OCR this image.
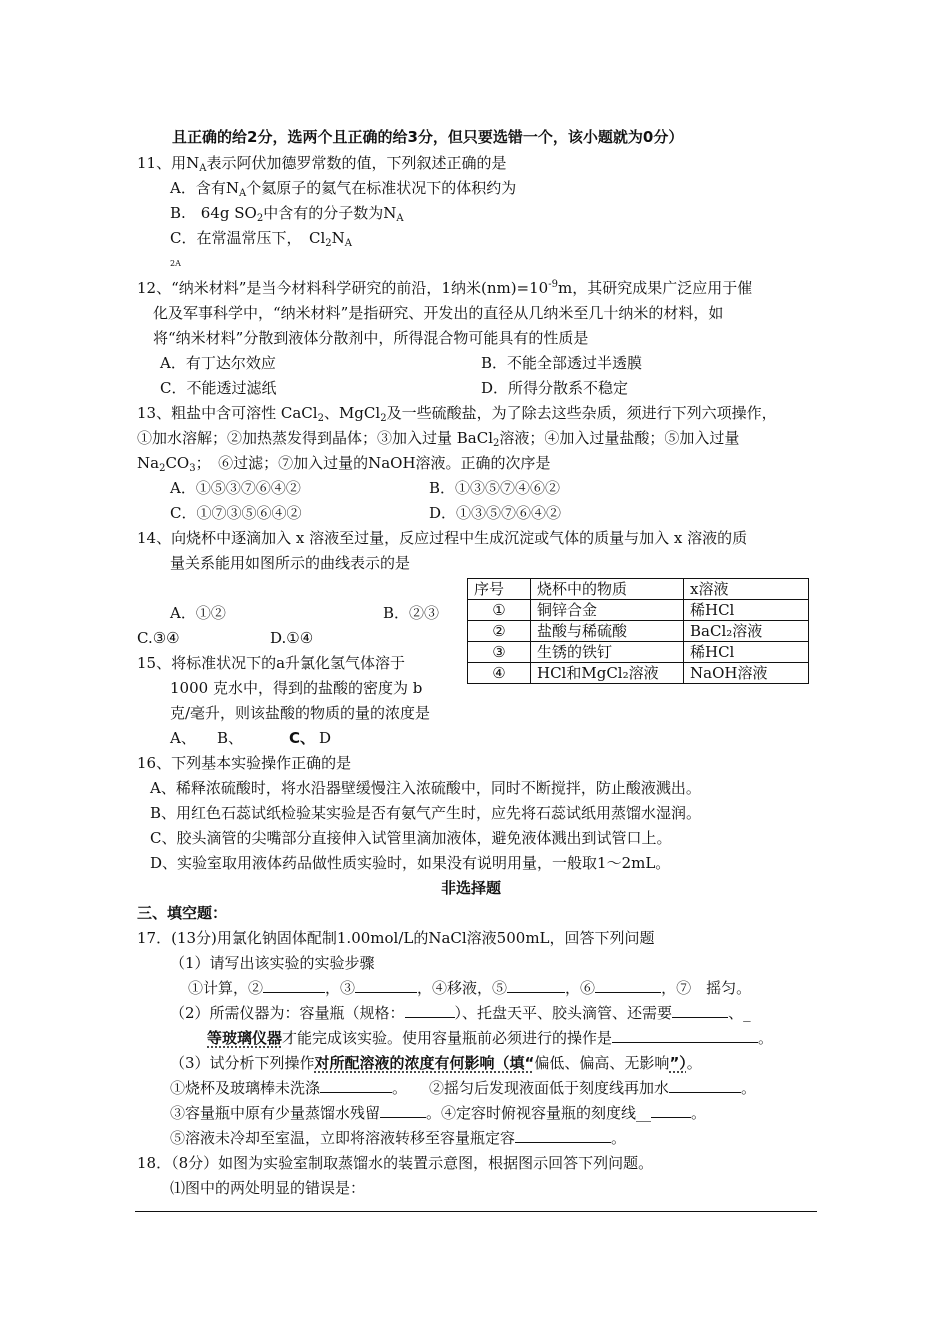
且正确的给2分，选两个且正确的给3分，但只要选错一个，该小题就为0分）
11、用$N_A$表示阿伏加德罗常数的值，下列叙述正确的是
A．含有$N_A$个氦原子的氦气在标准状况下的体积约为
B.　64g $SO_2$中含有的分子数为$N_A$
C．在常温常压下，　$Cl_2N_A$
2A
12、“纳米材料”是当今材料科学研究的前沿，1纳米$(nm)=10^{-9}m$，其研究成果广泛应用于催
化及军事科学中，“纳米材料”是指研究、开发出的直径从几纳米至几十纳米的材料，如
将“纳米材料”分散到液体分散剂中，所得混合物可能具有的性质是
A．有丁达尔效应	B．不能全部透过半透膜
C．不能透过滤纸	D．所得分散系不稳定
13、粗盐中含可溶性 CaCl$_2$、MgCl$_2$及一些硫酸盐，为了除去这些杂质，须进行下列六项操作，
①加水溶解；②加热蒸发得到晶体；③加入过量 BaCl$_2$溶液；④加入过量盐酸；⑤加入过量
$Na_2CO_3$；　⑥过滤；⑦加入过量的NaOH溶液。正确的次序是
A．①⑤③⑦⑥④②	B．①③⑤⑦④⑥②
C．①⑦③⑤⑥④②	D．①③⑤⑦⑥④②
14、向烧杯中逐滴加入 x 溶液至过量，反应过程中生成沉淀或气体的质量与加入 x 溶液的质
量关系能用如图所示的曲线表示的是
A．①②	B．②③
C.③④	D.①④
序号	烧杯中的物质	x溶液
①	铜锌合金	稀HCl
②	盐酸与稀硫酸	BaCl₂溶液
③	生锈的铁钉	稀HCl
④	HCl和MgCl₂溶液	NaOH溶液
15、将标准状况下的a升氯化氢气体溶于
1000 克水中，得到的盐酸的密度为 b
克/毫升，则该盐酸的物质的量的浓度是
A、 B、	C、 D
16、下列基本实验操作正确的是
A、稀释浓硫酸时，将水沿器壁缓慢注入浓硫酸中，同时不断搅拌，防止酸液溅出。
B、用红色石蕊试纸检验某实验是否有氨气产生时，应先将石蕊试纸用蒸馏水湿润。
C、胶头滴管的尖嘴部分直接伸入试管里滴加液体，避免液体溅出到试管口上。
D、实验室取用液体药品做性质实验时，如果没有说明用量，一般取1～2mL。
非选择题
三、填空题：
17．(13分)用氯化钠固体配制1.00mol/L的NaCl溶液500mL，回答下列问题
（1）请写出该实验的实验步骤
①计算，②	，③	，④移液，⑤	，⑥	，⑦　摇匀。
（2）所需仪器为：容量瓶（规格：	）、托盘天平、胶头滴管、还需要	、_
等玻璃仪器才能完成该实验。使用容量瓶前必须进行的操作是	。
（3）试分析下列操作对所配溶液的浓度有何影响（填“偏低、偏高、无影响”）。
①烧杯及玻璃棒未洗涤	。 ②摇匀后发现液面低于刻度线再加水	。
③容量瓶中原有少量蒸馏水残留	。④定容时俯视容量瓶的刻度线__	。
⑤溶液未冷却至室温，立即将溶液转移至容量瓶定容	。
18．（8分）如图为实验室制取蒸馏水的装置示意图，根据图示回答下列问题。
⑴图中的两处明显的错误是：
